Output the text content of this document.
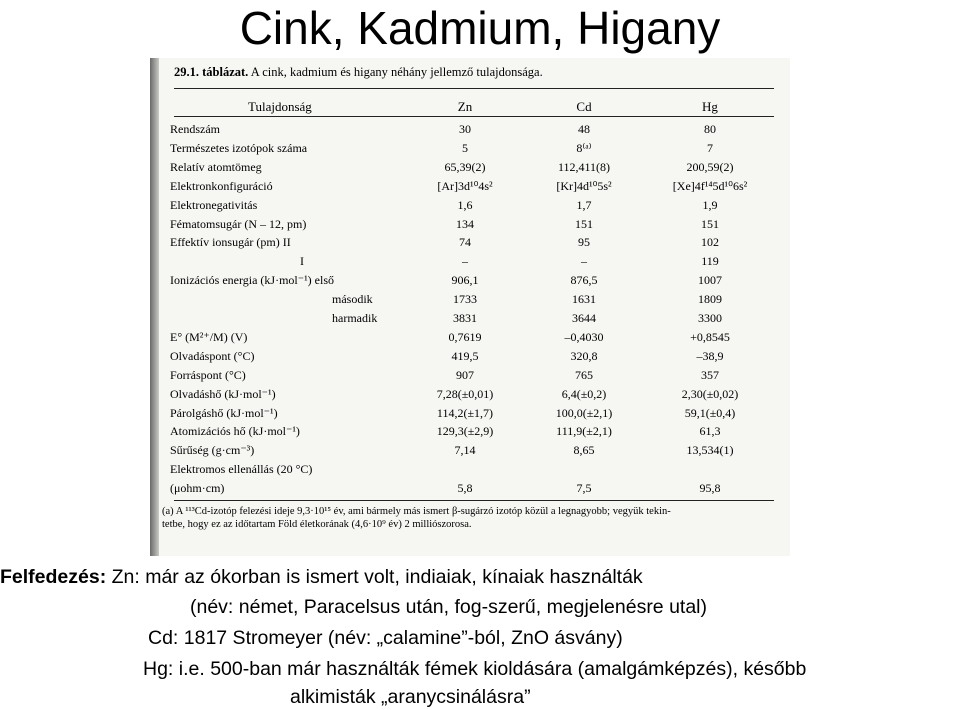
Cink, Kadmium, Higany
29.1. táblázat. A cink, kadmium és higany néhány jellemző tulajdonsága.
Tulajdonság	Zn	Cd	Hg
Rendszám	30	48	80
Természetes izotópok száma	5	8⁽ᵃ⁾	7
Relatív atomtömeg	65,39(2)	112,411(8)	200,59(2)
Elektronkonfiguráció	[Ar]3d¹⁰4s²	[Kr]4d¹⁰5s²	[Xe]4f¹⁴5d¹⁰6s²
Elektronegativitás	1,6	1,7	1,9
Fématomsugár (N – 12, pm)	134	151	151
Effektív ionsugár (pm) II	74	95	102
I	–	–	119
Ionizációs energia (kJ·mol⁻¹) első	906,1	876,5	1007
második	1733	1631	1809
harmadik	3831	3644	3300
E° (M²⁺/M) (V)	0,7619	–0,4030	+0,8545
Olvadáspont (°C)	419,5	320,8	–38,9
Forráspont (°C)	907	765	357
Olvadáshő (kJ·mol⁻¹)	7,28(±0,01)	6,4(±0,2)	2,30(±0,02)
Párolgáshő (kJ·mol⁻¹)	114,2(±1,7)	100,0(±2,1)	59,1(±0,4)
Atomizációs hő (kJ·mol⁻¹)	129,3(±2,9)	111,9(±2,1)	61,3
Sűrűség (g·cm⁻³)	7,14	8,65	13,534(1)
Elektromos ellenállás (20 °C)
(μohm·cm)	5,8	7,5	95,8
(a) A ¹¹³Cd-izotóp felezési ideje 9,3·10¹⁵ év, ami bármely más ismert β-sugárzó izotóp közül a legnagyobb; vegyük tekin-
tetbe, hogy ez az időtartam Föld életkorának (4,6·10⁹ év) 2 milliószorosa.
Felfedezés: Zn: már az ókorban is ismert volt, indiaiak, kínaiak használták
(név: német, Paracelsus után, fog-szerű, megjelenésre utal)
Cd: 1817 Stromeyer (név: „calamine”-ból, ZnO ásvány)
Hg: i.e. 500-ban már használták fémek kioldására (amalgámképzés), később
alkimisták „aranycsinálásra”
